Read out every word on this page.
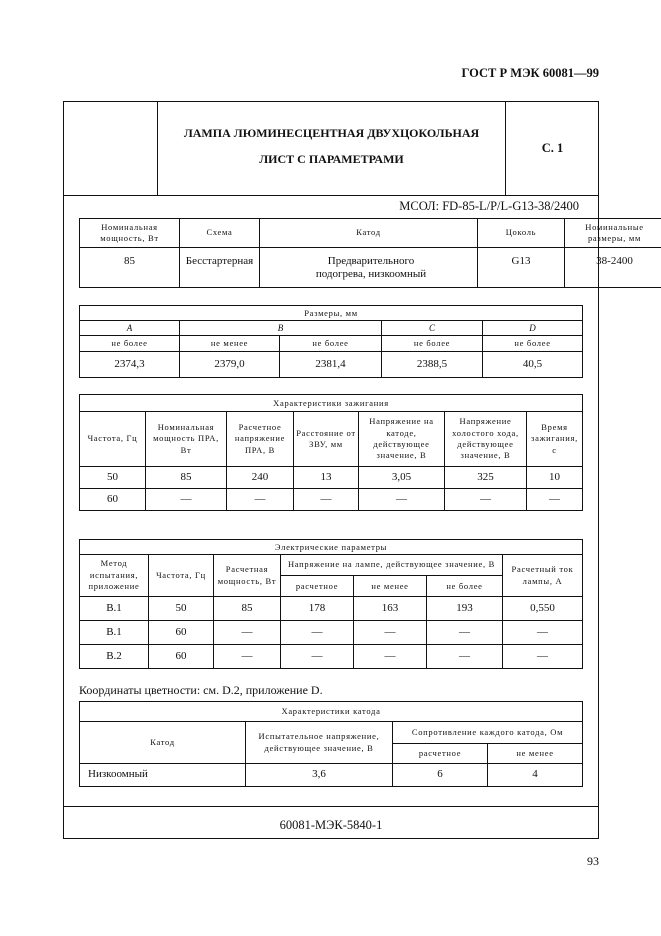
ГОСТ Р МЭК 60081—99
ЛАМПА ЛЮМИНЕСЦЕНТНАЯ ДВУХЦОКОЛЬНАЯ
ЛИСТ С ПАРАМЕТРАМИ
С. 1
МСОЛ: FD-85-L/P/L-G13-38/2400
Номинальная мощность, Вт	Схема	Катод	Цоколь	Номинальные размеры, мм
85	Бесстартерная	Предварительного подогрева, низкоомный	G13	38-2400
Размеры, мм				
A	B		C	D
не более	не менее	не более	не более	не более
2374,3	2379,0	2381,4	2388,5	40,5
Характеристики зажигания						
Частота, Гц	Номинальная мощность ПРА, Вт	Расчетное напряжение ПРА, В	Расстояние от ЗВУ, мм	Напряжение на катоде, действующее значение, В	Напряжение холостого хода, действующее значение, В	Время зажигания, с
50	85	240	13	3,05	325	10
60	—	—	—	—	—	—
Электрические параметры						
Метод испытания, приложение	Частота, Гц	Расчетная мощность, Вт	Напряжение на лампе, действующее значение, В			Расчетный ток лампы, А
			расчетное	не менее	не более	
В.1	50	85	178	163	193	0,550
В.1	60	—	—	—	—	—
В.2	60	—	—	—	—	—
Координаты цветности: см. D.2, приложение D.
Характеристики катода			
Катод	Испытательное напряжение, действующее значение, В	Сопротивление каждого катода, Ом	
		расчетное	не менее
Низкоомный	3,6	6	4
60081-МЭК-5840-1
93
